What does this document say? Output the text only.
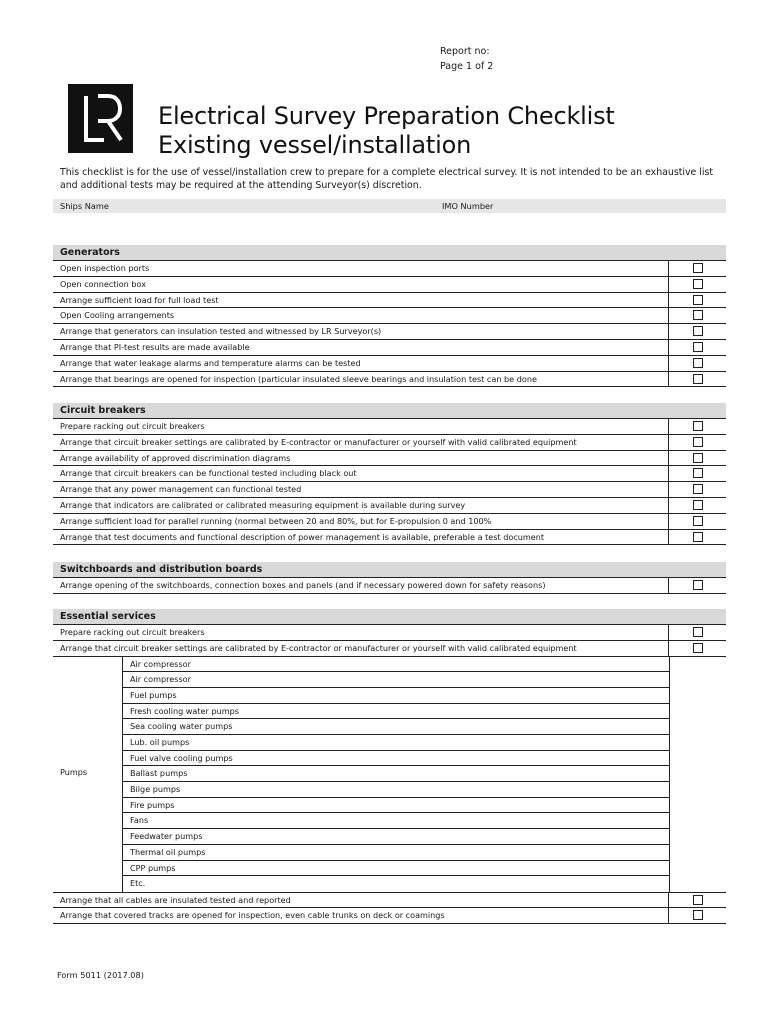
Report no:
Page 1 of 2
Electrical Survey Preparation Checklist
Existing vessel/installation
This checklist is for the use of vessel/installation crew to prepare for a complete electrical survey. It is not intended to be an exhaustive list and additional tests may be required at the attending Surveyor(s) discretion.
Ships Name	IMO Number
Generators
Open inspection ports
Open connection box
Arrange sufficient load for full load test
Open Cooling arrangements
Arrange that generators can insulation tested and witnessed by LR Surveyor(s)
Arrange that PI-test results are made available
Arrange that water leakage alarms and temperature alarms can be tested
Arrange that bearings are opened for inspection (particular insulated sleeve bearings and insulation test can be done
Circuit breakers
Prepare racking out circuit breakers
Arrange that circuit breaker settings are calibrated by E-contractor or manufacturer or yourself with valid calibrated equipment
Arrange availability of approved discrimination diagrams
Arrange that circuit breakers can be functional tested including black out
Arrange that any power management can functional tested
Arrange that indicators are calibrated or calibrated measuring equipment is available during survey
Arrange sufficient load for parallel running (normal between 20 and 80%, but for E-propulsion 0 and 100%
Arrange that test documents and functional description of power management is available, preferable a test document
Switchboards and distribution boards
Arrange opening of the switchboards, connection boxes and panels (and if necessary powered down for safety reasons)
Essential services
Prepare racking out circuit breakers
Arrange that circuit breaker settings are calibrated by E-contractor or manufacturer or yourself with valid calibrated equipment
Pumps
Air compressor
Air compressor
Fuel pumps
Fresh cooling water pumps
Sea cooling water pumps
Lub. oil pumps
Fuel valve cooling pumps
Ballast pumps
Bilge pumps
Fire pumps
Fans
Feedwater pumps
Thermal oil pumps
CPP pumps
Etc.
Arrange that all cables are insulated tested and reported
Arrange that covered tracks are opened for inspection, even cable trunks on deck or coamings
Form 5011 (2017.08)
